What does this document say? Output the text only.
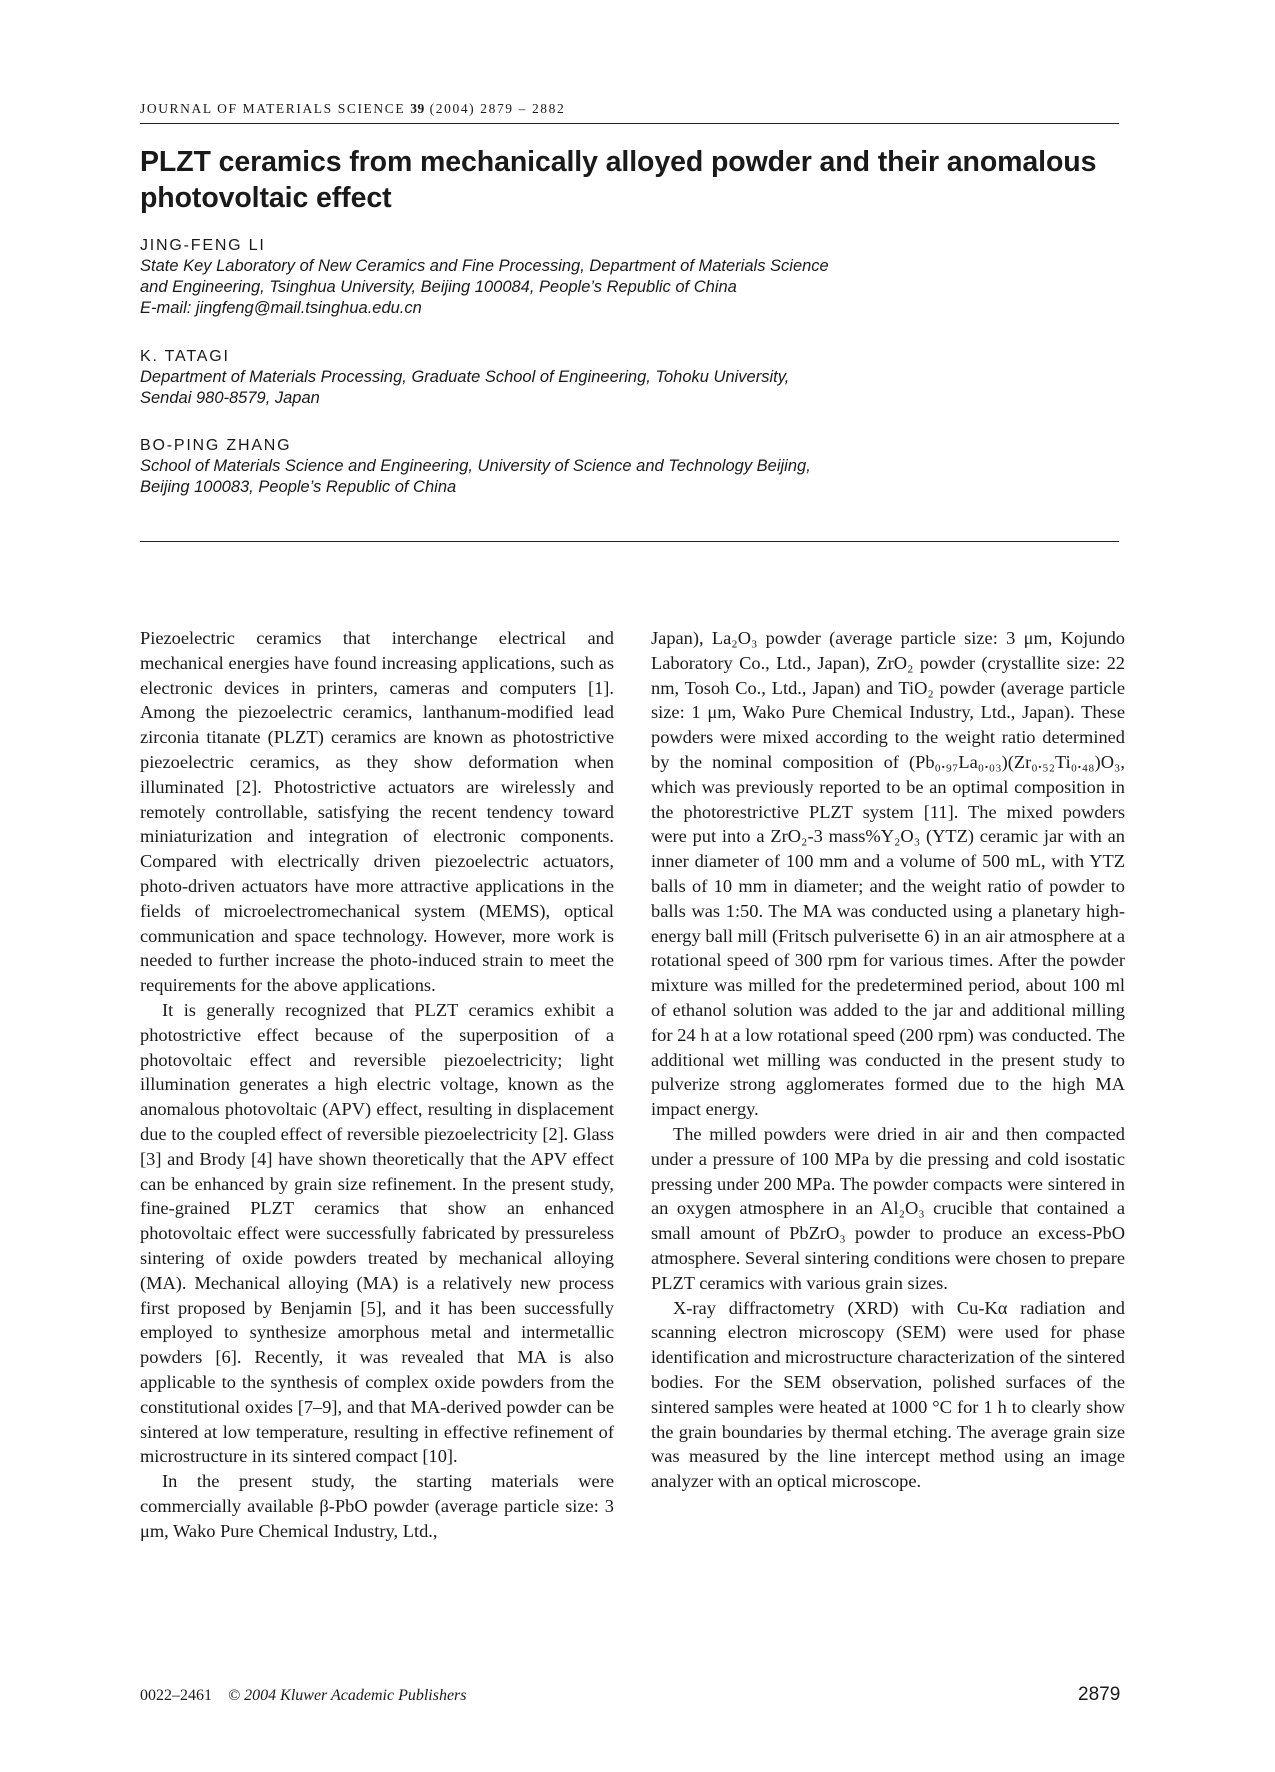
JOURNAL OF MATERIALS SCIENCE 39 (2004) 2879 – 2882
PLZT ceramics from mechanically alloyed powder and their anomalous photovoltaic effect
JING-FENG LI
State Key Laboratory of New Ceramics and Fine Processing, Department of Materials Science
and Engineering, Tsinghua University, Beijing 100084, People’s Republic of China
E-mail: jingfeng@mail.tsinghua.edu.cn
K. TATAGI
Department of Materials Processing, Graduate School of Engineering, Tohoku University,
Sendai 980-8579, Japan
BO-PING ZHANG
School of Materials Science and Engineering, University of Science and Technology Beijing,
Beijing 100083, People’s Republic of China

Piezoelectric ceramics that interchange electrical and mechanical energies have found increasing applications, such as electronic devices in printers, cameras and computers [1]. Among the piezoelectric ceramics, lanthanum-modified lead zirconia titanate (PLZT) ceramics are known as photostrictive piezoelectric ceramics, as they show deformation when illuminated [2]. Photostrictive actuators are wirelessly and remotely controllable, satisfying the recent tendency toward miniaturization and integration of electronic components. Compared with electrically driven piezoelectric actuators, photo-driven actuators have more attractive applications in the fields of microelectromechanical system (MEMS), optical communication and space technology. However, more work is needed to further increase the photo-induced strain to meet the requirements for the above applications.

It is generally recognized that PLZT ceramics exhibit a photostrictive effect because of the superposition of a photovoltaic effect and reversible piezoelectricity; light illumination generates a high electric voltage, known as the anomalous photovoltaic (APV) effect, resulting in displacement due to the coupled effect of reversible piezoelectricity [2]. Glass [3] and Brody [4] have shown theoretically that the APV effect can be enhanced by grain size refinement. In the present study, fine-grained PLZT ceramics that show an enhanced photovoltaic effect were successfully fabricated by pressureless sintering of oxide powders treated by mechanical alloying (MA). Mechanical alloying (MA) is a relatively new process first proposed by Benjamin [5], and it has been successfully employed to synthesize amorphous metal and intermetallic powders [6]. Recently, it was revealed that MA is also applicable to the synthesis of complex oxide powders from the constitutional oxides [7–9], and that MA-derived powder can be sintered at low temperature, resulting in effective refinement of microstructure in its sintered compact [10].

In the present study, the starting materials were commercially available β-PbO powder (average particle size: 3 μm, Wako Pure Chemical Industry, Ltd.,

Japan), La₂O₃ powder (average particle size: 3 μm, Kojundo Laboratory Co., Ltd., Japan), ZrO₂ powder (crystallite size: 22 nm, Tosoh Co., Ltd., Japan) and TiO₂ powder (average particle size: 1 μm, Wako Pure Chemical Industry, Ltd., Japan). These powders were mixed according to the weight ratio determined by the nominal composition of (Pb₀.₉₇La₀.₀₃)(Zr₀.₅₂Ti₀.₄₈)O₃, which was previously reported to be an optimal composition in the photorestrictive PLZT system [11]. The mixed powders were put into a ZrO₂-3 mass%Y₂O₃ (YTZ) ceramic jar with an inner diameter of 100 mm and a volume of 500 mL, with YTZ balls of 10 mm in diameter; and the weight ratio of powder to balls was 1:50. The MA was conducted using a planetary high-energy ball mill (Fritsch pulverisette 6) in an air atmosphere at a rotational speed of 300 rpm for various times. After the powder mixture was milled for the predetermined period, about 100 ml of ethanol solution was added to the jar and additional milling for 24 h at a low rotational speed (200 rpm) was conducted. The additional wet milling was conducted in the present study to pulverize strong agglomerates formed due to the high MA impact energy.

The milled powders were dried in air and then compacted under a pressure of 100 MPa by die pressing and cold isostatic pressing under 200 MPa. The powder compacts were sintered in an oxygen atmosphere in an Al₂O₃ crucible that contained a small amount of PbZrO₃ powder to produce an excess-PbO atmosphere. Several sintering conditions were chosen to prepare PLZT ceramics with various grain sizes.

X-ray diffractometry (XRD) with Cu-Kα radiation and scanning electron microscopy (SEM) were used for phase identification and microstructure characterization of the sintered bodies. For the SEM observation, polished surfaces of the sintered samples were heated at 1000 °C for 1 h to clearly show the grain boundaries by thermal etching. The average grain size was measured by the line intercept method using an image analyzer with an optical microscope.

0022–2461 © 2004 Kluwer Academic Publishers	2879
